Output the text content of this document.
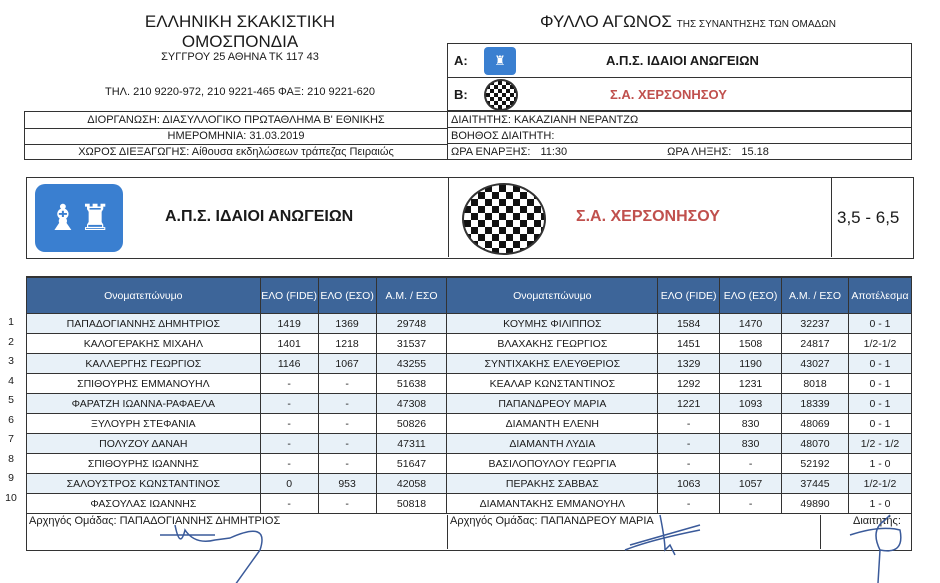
ΕΛΛΗΝΙΚΗ ΣΚΑΚΙΣΤΙΚΗ ΟΜΟΣΠΟΝΔΙΑ
ΣΥΓΓΡΟΥ 25 ΑΘΗΝΑ ΤΚ 117 43
ΤΗΛ. 210 9220-972, 210 9221-465 ΦΑΞ: 210 9221-620
ΦΥΛΛΟ ΑΓΩΝΟΣ ΤΗΣ ΣΥΝΑΝΤΗΣΗΣ ΤΩΝ ΟΜΑΔΩΝ
A:	♜	Α.Π.Σ. ΙΔΑΙΟΙ ΑΝΩΓΕΙΩΝ
B:	Σ.Α. ΧΕΡΣΟΝΗΣΟΥ
ΔΙΟΡΓΑΝΩΣΗ: ΔΙΑΣΥΛΛΟΓΙΚΟ ΠΡΩΤΑΘΛΗΜΑ Β' ΕΘΝΙΚΗΣ
ΗΜΕΡΟΜΗΝΙΑ: 31.03.2019
ΧΩΡΟΣ ΔΙΕΞΑΓΩΓΗΣ: Αίθουσα εκδηλώσεων τράπεζας Πειραιώς
ΔΙΑΙΤΗΤΗΣ: ΚΑΚΑΖΙΑΝΗ ΝΕΡΑΝΤΖΩ
ΒΟΗΘΟΣ ΔΙΑΙΤΗΤΗ:
ΩΡΑ ΕΝΑΡΞΗΣ: 11:30	ΩΡΑ ΛΗΞΗΣ: 15.18
♝♜	Α.Π.Σ. ΙΔΑΙΟΙ ΑΝΩΓΕΙΩΝ	Σ.Α. ΧΕΡΣΟΝΗΣΟΥ	3,5 - 6,5
1
2
3
4
5
6
7
8
9
10
Ονοματεπώνυμο	ΕΛΟ (FIDE)	ΕΛΟ (ΕΣΟ)	Α.Μ. / ΕΣΟ	Ονοματεπώνυμο	ΕΛΟ (FIDE)	ΕΛΟ (ΕΣΟ)	Α.Μ. / ΕΣΟ	Αποτέλεσμα
ΠΑΠΑΔΟΓΙΑΝΝΗΣ ΔΗΜΗΤΡΙΟΣ	1419	1369	29748	ΚΟΥΜΗΣ ΦΙΛΙΠΠΟΣ	1584	1470	32237	0 - 1
ΚΑΛΟΓΕΡΑΚΗΣ ΜΙΧΑΗΛ	1401	1218	31537	ΒΛΑΧΑΚΗΣ ΓΕΩΡΓΙΟΣ	1451	1508	24817	1/2-1/2
ΚΑΛΛΕΡΓΗΣ ΓΕΩΡΓΙΟΣ	1146	1067	43255	ΣΥΝΤΙΧΑΚΗΣ ΕΛΕΥΘΕΡΙΟΣ	1329	1190	43027	0 - 1
ΣΠΙΘΟΥΡΗΣ ΕΜΜΑΝΟΥΗΛ	-	-	51638	ΚΕΑΛΑΡ ΚΩΝΣΤΑΝΤΙΝΟΣ	1292	1231	8018	0 - 1
ΦΑΡΑΤΖΗ ΙΩΑΝΝΑ-ΡΑΦΑΕΛΑ	-	-	47308	ΠΑΠΑΝΔΡΕΟΥ ΜΑΡΙΑ	1221	1093	18339	0 - 1
ΞΥΛΟΥΡΗ ΣΤΕΦΑΝΙΑ	-	-	50826	ΔΙΑΜΑΝΤΗ ΕΛΕΝΗ	-	830	48069	0 - 1
ΠΟΛΥΖΟΥ ΔΑΝΑΗ	-	-	47311	ΔΙΑΜΑΝΤΗ ΛΥΔΙΑ	-	830	48070	1/2 - 1/2
ΣΠΙΘΟΥΡΗΣ ΙΩΑΝΝΗΣ	-	-	51647	ΒΑΣΙΛΟΠΟΥΛΟΥ ΓΕΩΡΓΙΑ	-	-	52192	1 - 0
ΣΑΛΟΥΣΤΡΟΣ ΚΩΝΣΤΑΝΤΙΝΟΣ	0	953	42058	ΠΕΡΑΚΗΣ ΣΑΒΒΑΣ	1063	1057	37445	1/2-1/2
ΦΑΣΟΥΛΑΣ ΙΩΑΝΝΗΣ	-	-	50818	ΔΙΑΜΑΝΤΑΚΗΣ ΕΜΜΑΝΟΥΗΛ	-	-	49890	1 - 0
Αρχηγός Ομάδας: ΠΑΠΑΔΟΓΙΑΝΝΗΣ ΔΗΜΗΤΡΙΟΣ	Αρχηγός Ομάδας: ΠΑΠΑΝΔΡΕΟΥ ΜΑΡΙΑ	Διαιτητής:
